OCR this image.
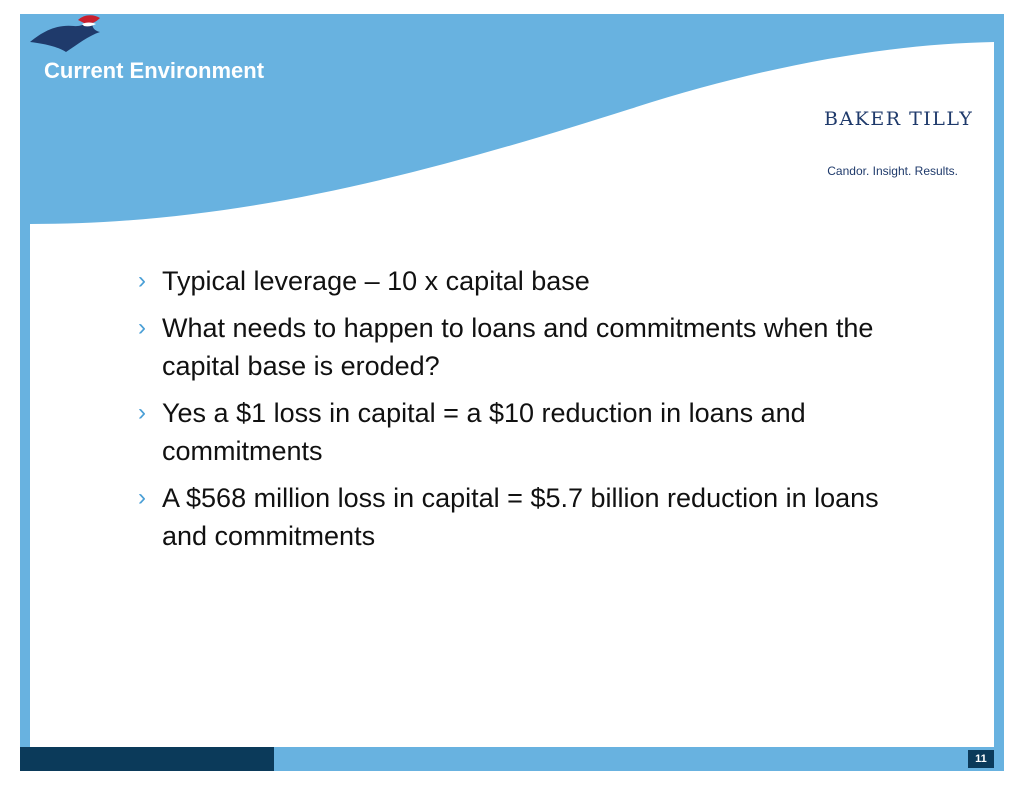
Current Environment
BAKER TILLY
Candor. Insight. Results.
› Typical leverage – 10 x capital base
› What needs to happen to loans and commitments when the capital base is eroded?
› Yes a $1 loss in capital = a $10 reduction in loans and commitments
› A $568 million loss in capital = $5.7 billion reduction in loans and commitments
11
